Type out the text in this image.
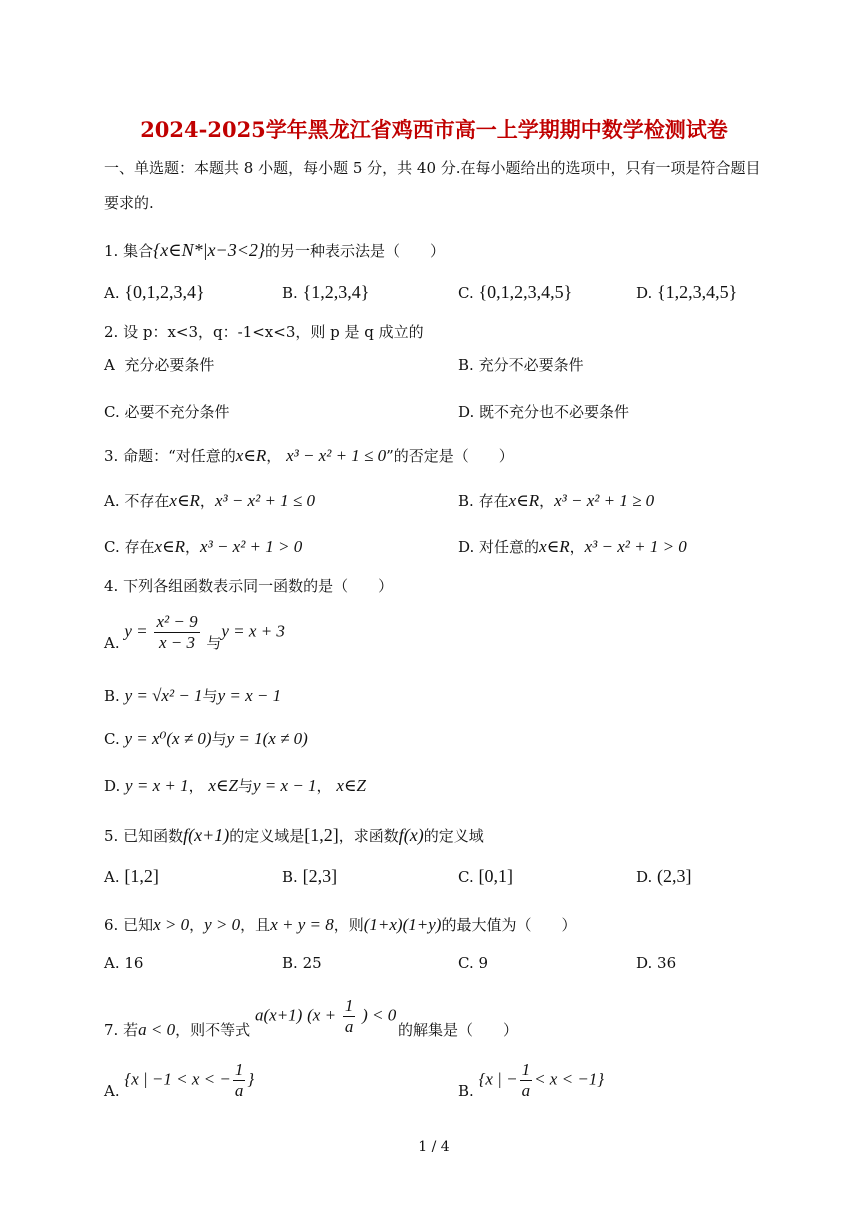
2024-2025学年黑龙江省鸡西市高一上学期期中数学检测试卷
一、单选题：本题共 8 小题，每小题 5 分，共 40 分.在每小题给出的选项中，只有一项是符合题目
要求的.
1. 集合{x∈N*|x−3<2}的另一种表示法是（　　）
A. {0,1,2,3,4}	B. {1,2,3,4}	C. {0,1,2,3,4,5}	D. {1,2,3,4,5}
2. 设 p：x<3，q：-1<x<3，则 p 是 q 成立的
A 充分必要条件	B. 充分不必要条件
C. 必要不充分条件	D. 既不充分也不必要条件
3. 命题：“对任意的x∈R， x³ − x² + 1 ≤ 0”的否定是（　　）
A. 不存在x∈R，x³ − x² + 1 ≤ 0	B. 存在x∈R，x³ − x² + 1 ≥ 0
C. 存在x∈R，x³ − x² + 1 > 0	D. 对任意的x∈R，x³ − x² + 1 > 0
4. 下列各组函数表示同一函数的是（　　）
A. $y = \frac{\text{x² − 9}}{x - 3}$ 与y = x + 3
B. y = √x² − 1与y = x − 1
C. y = x⁰(x ≠ 0)与y = 1(x ≠ 0)
D. y = x + 1， x∈Z与y = x − 1， x∈Z
5. 已知函数f(x+1)的定义域是[1,2]，求函数f(x)的定义域
A. [1,2]	B. [2,3]	C. [0,1]	D. (2,3]
6. 已知x > 0，y > 0，且x + y = 8，则(1+x)(1+y)的最大值为（　　）
A. 16	B. 25	C. 9	D. 36
7. 若a < 0，则不等式
a(x+1) ($x + \frac{1}{a}$ ) < 0
的解集是（　　）
A. {x | −1 < x < − $\frac{1}{a}$ }
B. {x | − $\frac{1}{a} < x < -1$}
1 / 4
